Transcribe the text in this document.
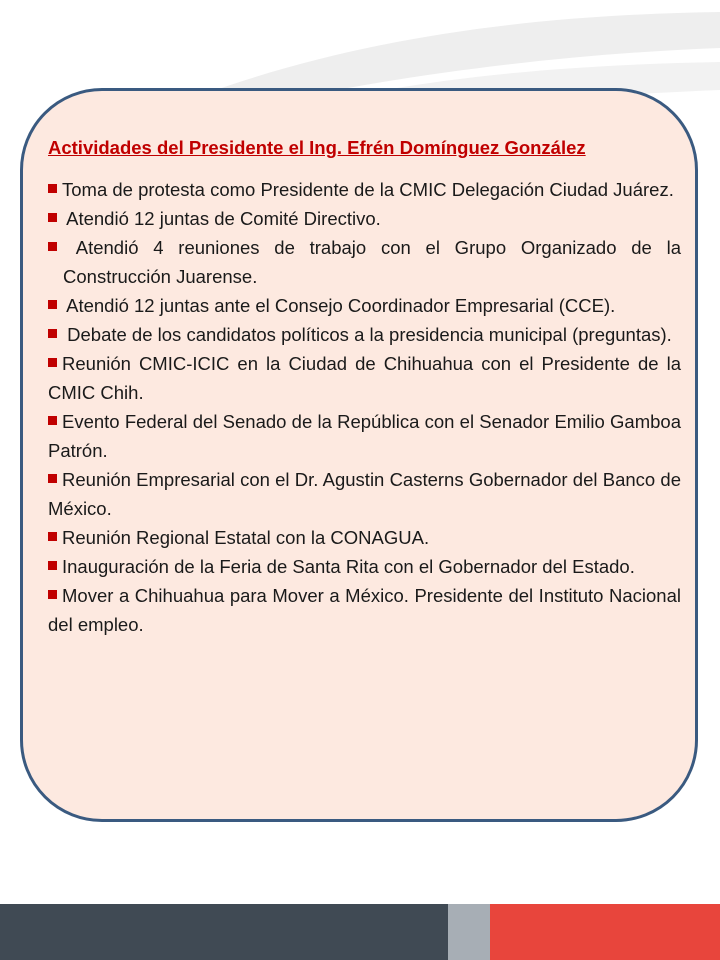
Actividades del Presidente el Ing. Efrén Domínguez González
Toma de protesta como Presidente de la CMIC Delegación Ciudad Juárez.
Atendió 12 juntas de Comité Directivo.
Atendió 4 reuniones de trabajo con el Grupo Organizado de la Construcción Juarense.
Atendió 12 juntas ante el Consejo Coordinador Empresarial (CCE).
Debate de los candidatos políticos a la presidencia municipal (preguntas).
Reunión CMIC-ICIC en la Ciudad de Chihuahua con el Presidente de la CMIC Chih.
Evento Federal del Senado de la República con el Senador Emilio Gamboa Patrón.
Reunión Empresarial con el Dr. Agustin Casterns Gobernador del Banco de México.
Reunión Regional Estatal con la CONAGUA.
Inauguración de la Feria de Santa Rita con el Gobernador del Estado.
Mover a Chihuahua para Mover a México. Presidente del Instituto Nacional del empleo.
